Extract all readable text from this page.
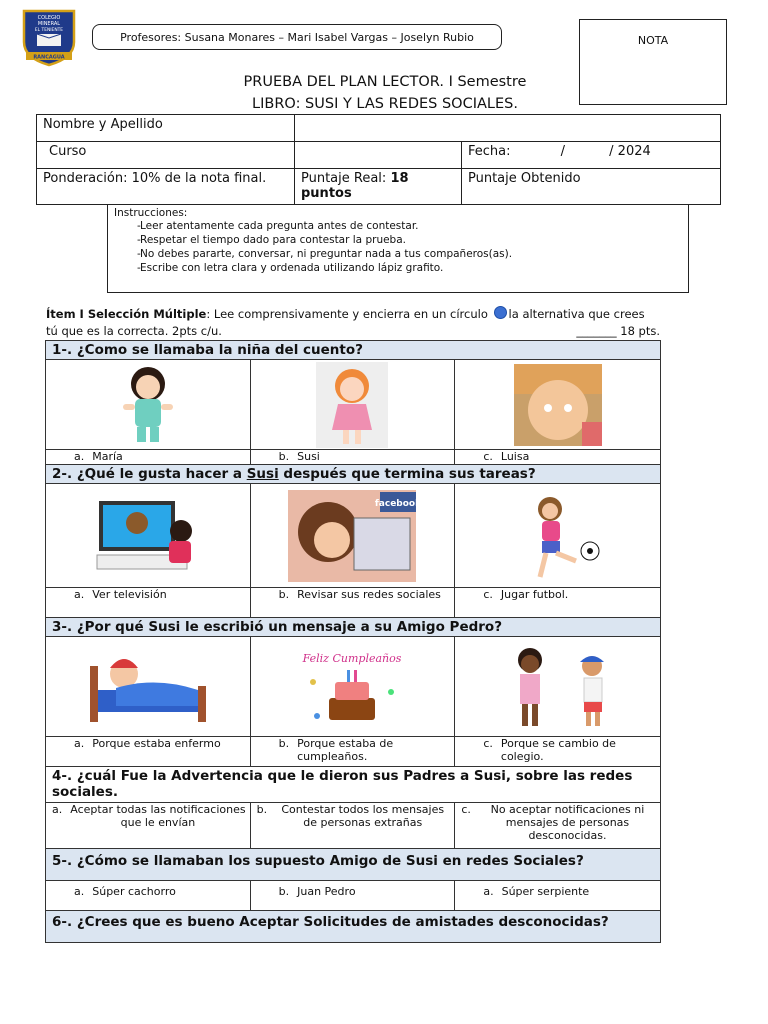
COLEGIO
MINERAL
EL TENIENTE
RANCAGUA
Profesores: Susana Monares – Mari Isabel Vargas – Joselyn Rubio	NOTA
PRUEBA DEL PLAN LECTOR. I Semestre
LIBRO: SUSI Y LAS REDES SOCIALES.
Nombre y Apellido		
Curso		Fecha: / / 2024
Ponderación: 10% de la nota final.	Puntaje Real: 18 puntos	Puntaje Obtenido
Instrucciones:
- Leer atentamente cada pregunta antes de contestar.
- Respetar el tiempo dado para contestar la prueba.
- No debes pararte, conversar, ni preguntar nada a tus compañeros(as).
- Escribe con letra clara y ordenada utilizando lápiz grafito.
Ítem I Selección Múltiple: Lee comprensivamente y encierra en un círculo la alternativa que crees tú que es la correcta. 2pts c/u.	_______ 18 pts.
1-. ¿Como se llamaba la niña del cuento?		

a. María	b. Susi	c. Luisa

2-. ¿Qué le gusta hacer a Susi después que termina sus tareas?		

facebook

a. Ver televisión	b. Revisar sus redes sociales	c. Jugar futbol.

3-. ¿Por qué Susi le escribió un mensaje a su Amigo Pedro?		

Feliz Cumpleaños

a. Porque estaba enfermo	b. Porque estaba de cumpleaños.	c. Porque se cambio de colegio.

4-. ¿cuál Fue la Advertencia que le dieron sus Padres a Susi, sobre las redes sociales.		

a. Aceptar todas las notificaciones que le envían	b. Contestar todos los mensajes de personas extrañas	c. No aceptar notificaciones ni mensajes de personas desconocidas.

5-. ¿Cómo se llamaban los supuesto Amigo de Susi en redes Sociales?		

a. Súper cachorro	b. Juan Pedro	a. Súper serpiente

6-. ¿Crees que es bueno Aceptar Solicitudes de amistades desconocidas?		
